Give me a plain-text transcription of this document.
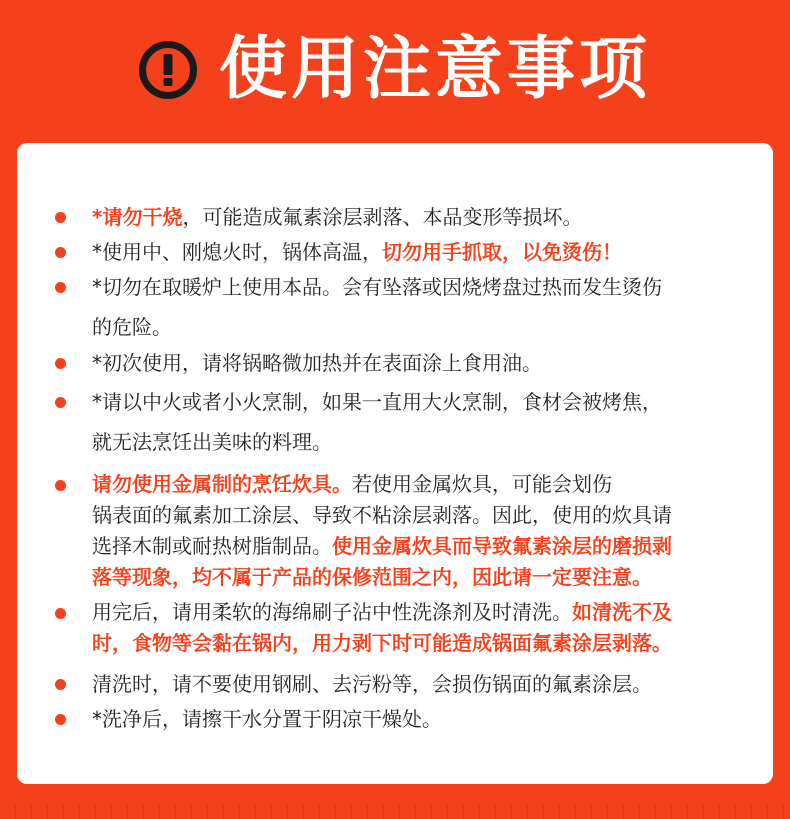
使用注意事项
*请勿干烧，可能造成氟素涂层剥落、本品变形等损坏。
*使用中、刚熄火时，锅体高温，切勿用手抓取，以免烫伤！
*切勿在取暖炉上使用本品。会有坠落或因烧烤盘过热而发生烫伤
的危险。
*初次使用，请将锅略微加热并在表面涂上食用油。
*请以中火或者小火烹制，如果一直用大火烹制，食材会被烤焦，
就无法烹饪出美味的料理。
请勿使用金属制的烹饪炊具。若使用金属炊具，可能会划伤
锅表面的氟素加工涂层、导致不粘涂层剥落。因此，使用的炊具请
选择木制或耐热树脂制品。使用金属炊具而导致氟素涂层的磨损剥
落等现象，均不属于产品的保修范围之内，因此请一定要注意。
用完后，请用柔软的海绵刷子沾中性洗涤剂及时清洗。如清洗不及
时，食物等会黏在锅内，用力剥下时可能造成锅面氟素涂层剥落。
清洗时，请不要使用钢刷、去污粉等，会损伤锅面的氟素涂层。
*洗净后，请擦干水分置于阴凉干燥处。
